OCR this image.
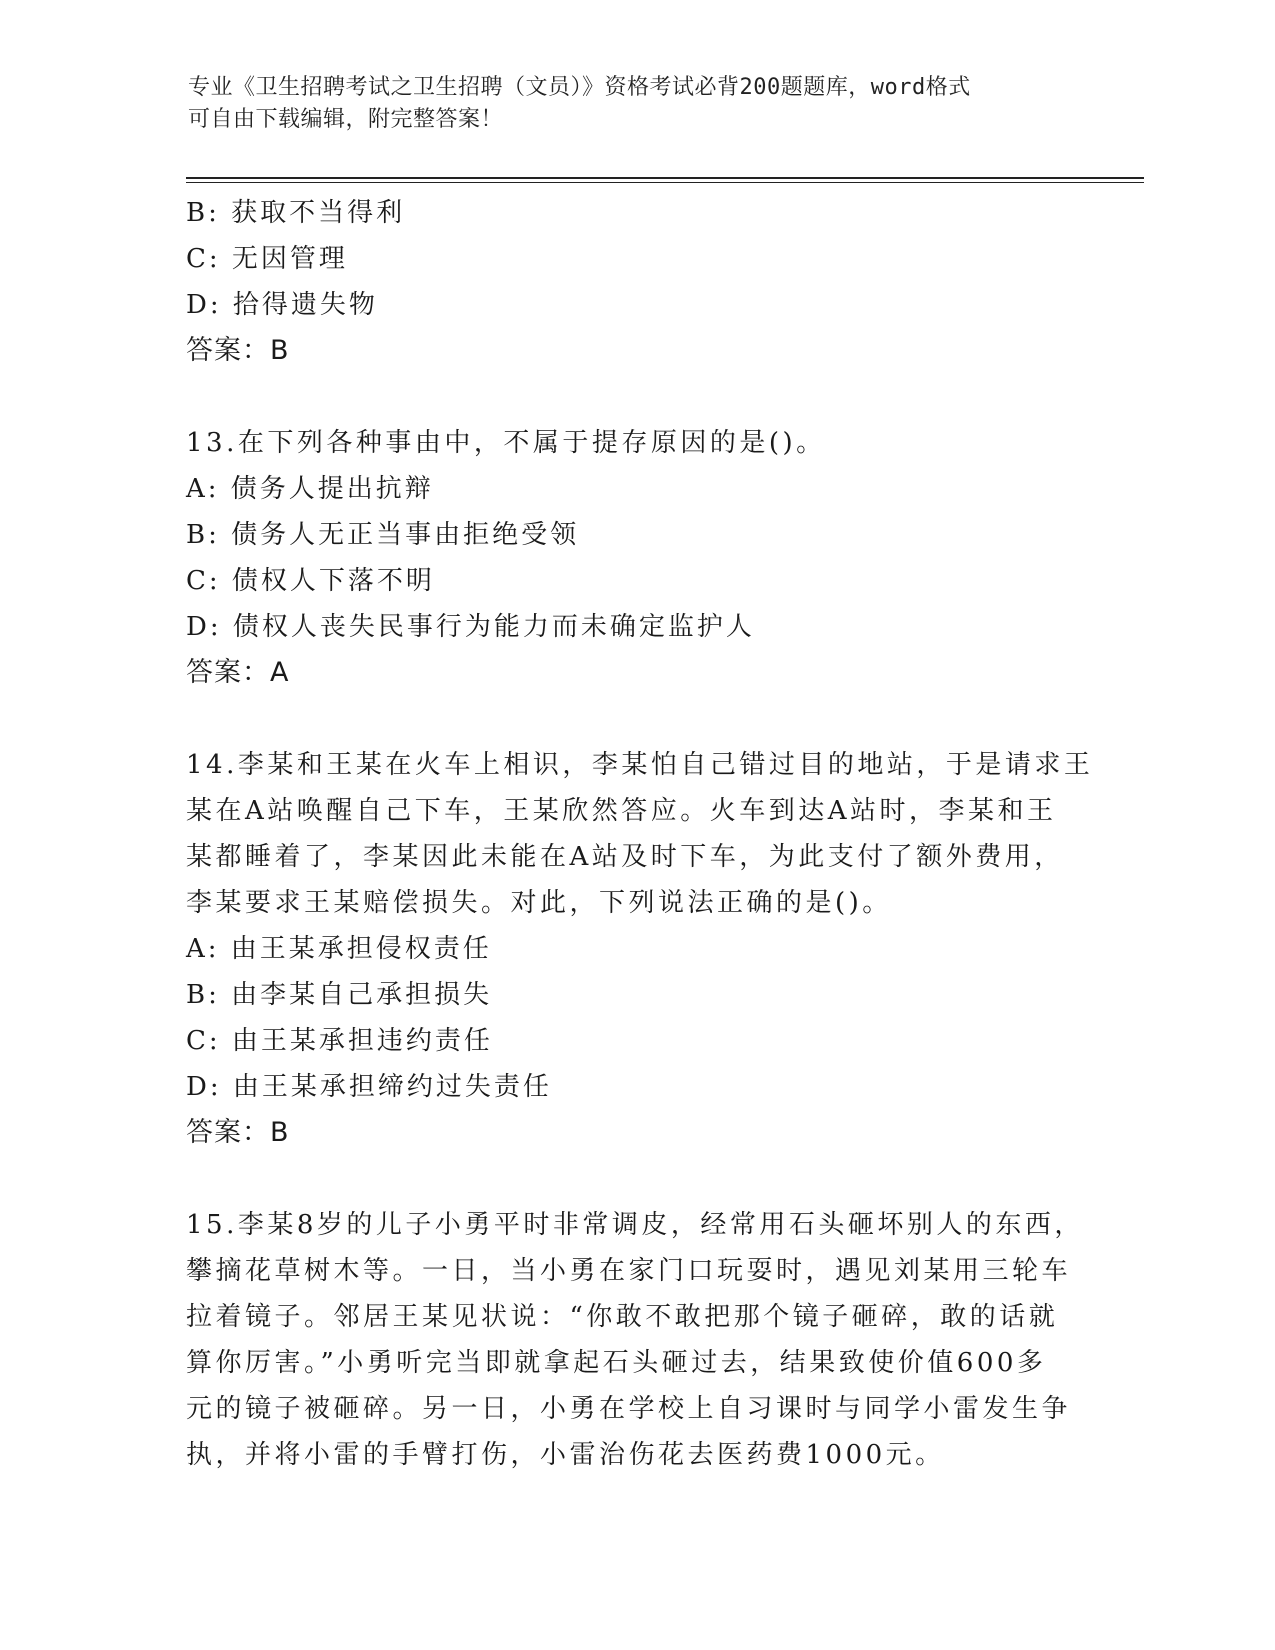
专业《卫生招聘考试之卫生招聘（文员）》资格考试必背200题题库，word格式
可自由下载编辑，附完整答案！
B: 获取不当得利
C: 无因管理
D: 拾得遗失物
答案：B
13.在下列各种事由中，不属于提存原因的是()。
A: 债务人提出抗辩
B: 债务人无正当事由拒绝受领
C: 债权人下落不明
D: 债权人丧失民事行为能力而未确定监护人
答案：A
14.李某和王某在火车上相识，李某怕自己错过目的地站，于是请求王
某在A站唤醒自己下车，王某欣然答应。火车到达A站时，李某和王
某都睡着了，李某因此未能在A站及时下车，为此支付了额外费用，
李某要求王某赔偿损失。对此，下列说法正确的是()。
A: 由王某承担侵权责任
B: 由李某自己承担损失
C: 由王某承担违约责任
D: 由王某承担缔约过失责任
答案：B
15.李某8岁的儿子小勇平时非常调皮，经常用石头砸坏别人的东西，
攀摘花草树木等。一日，当小勇在家门口玩耍时，遇见刘某用三轮车
拉着镜子。邻居王某见状说：“你敢不敢把那个镜子砸碎，敢的话就
算你厉害。”小勇听完当即就拿起石头砸过去，结果致使价值600多
元的镜子被砸碎。另一日，小勇在学校上自习课时与同学小雷发生争
执，并将小雷的手臂打伤，小雷治伤花去医药费1000元。
